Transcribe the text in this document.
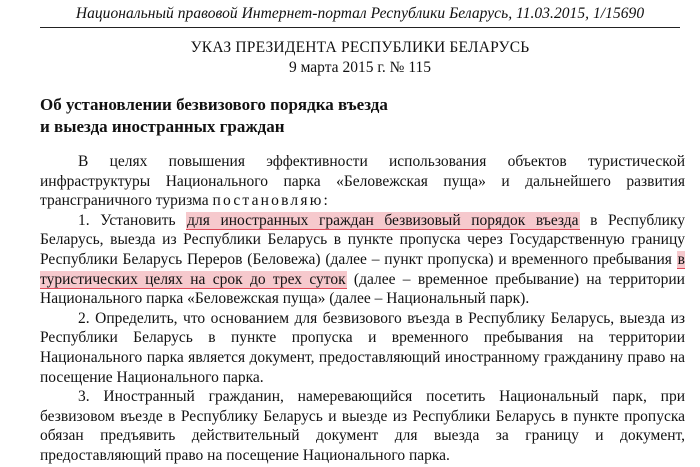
Национальный правовой Интернет-портал Республики Беларусь, 11.03.2015, 1/15690
УКАЗ ПРЕЗИДЕНТА РЕСПУБЛИКИ БЕЛАРУСЬ
9 марта 2015 г. № 115
Об установлении безвизового порядка въезда
и выезда иностранных граждан

В целях повышения эффективности использования объектов туристической инфраструктуры Национального парка «Беловежская пуща» и дальнейшего развития трансграничного туризма постановляю:

1. Установить для иностранных граждан безвизовый порядок въезда в Республику Беларусь, выезда из Республики Беларусь в пункте пропуска через Государственную границу Республики Беларусь Переров (Беловежа) (далее – пункт пропуска) и временного пребывания в туристических целях на срок до трех суток (далее – временное пребывание) на территории Национального парка «Беловежская пуща» (далее – Национальный парк).

2. Определить, что основанием для безвизового въезда в Республику Беларусь, выезда из Республики Беларусь в пункте пропуска и временного пребывания на территории Национального парка является документ, предоставляющий иностранному гражданину право на посещение Национального парка.

3. Иностранный гражданин, намеревающийся посетить Национальный парк, при безвизовом въезде в Республику Беларусь и выезде из Республики Беларусь в пункте пропуска обязан предъявить действительный документ для выезда за границу и документ, предоставляющий право на посещение Национального парка.
